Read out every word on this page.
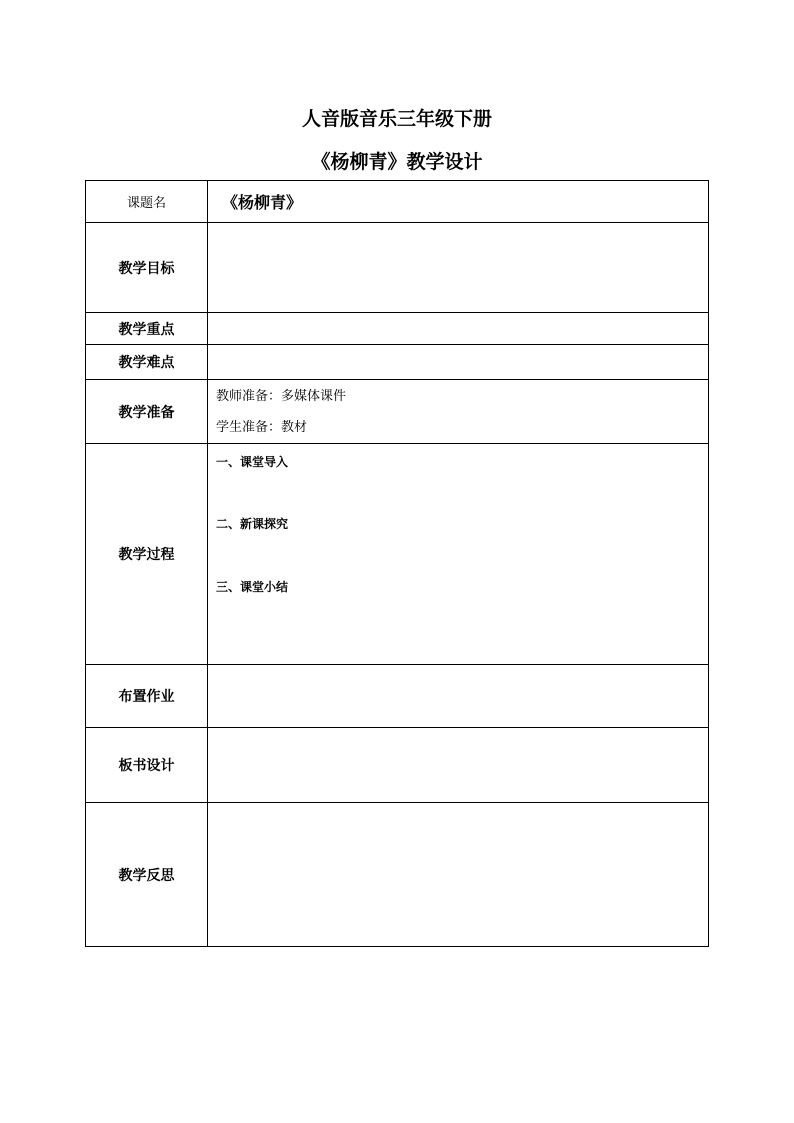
人音版音乐三年级下册
《杨柳青》教学设计
课题名	《杨柳青》
教学目标	
教学重点	
教学难点	
教学准备	教师准备：多媒体课件
学生准备：教材

教学过程	一、课堂导入
二、新课探究
三、课堂小结

布置作业	
板书设计	
教学反思	
